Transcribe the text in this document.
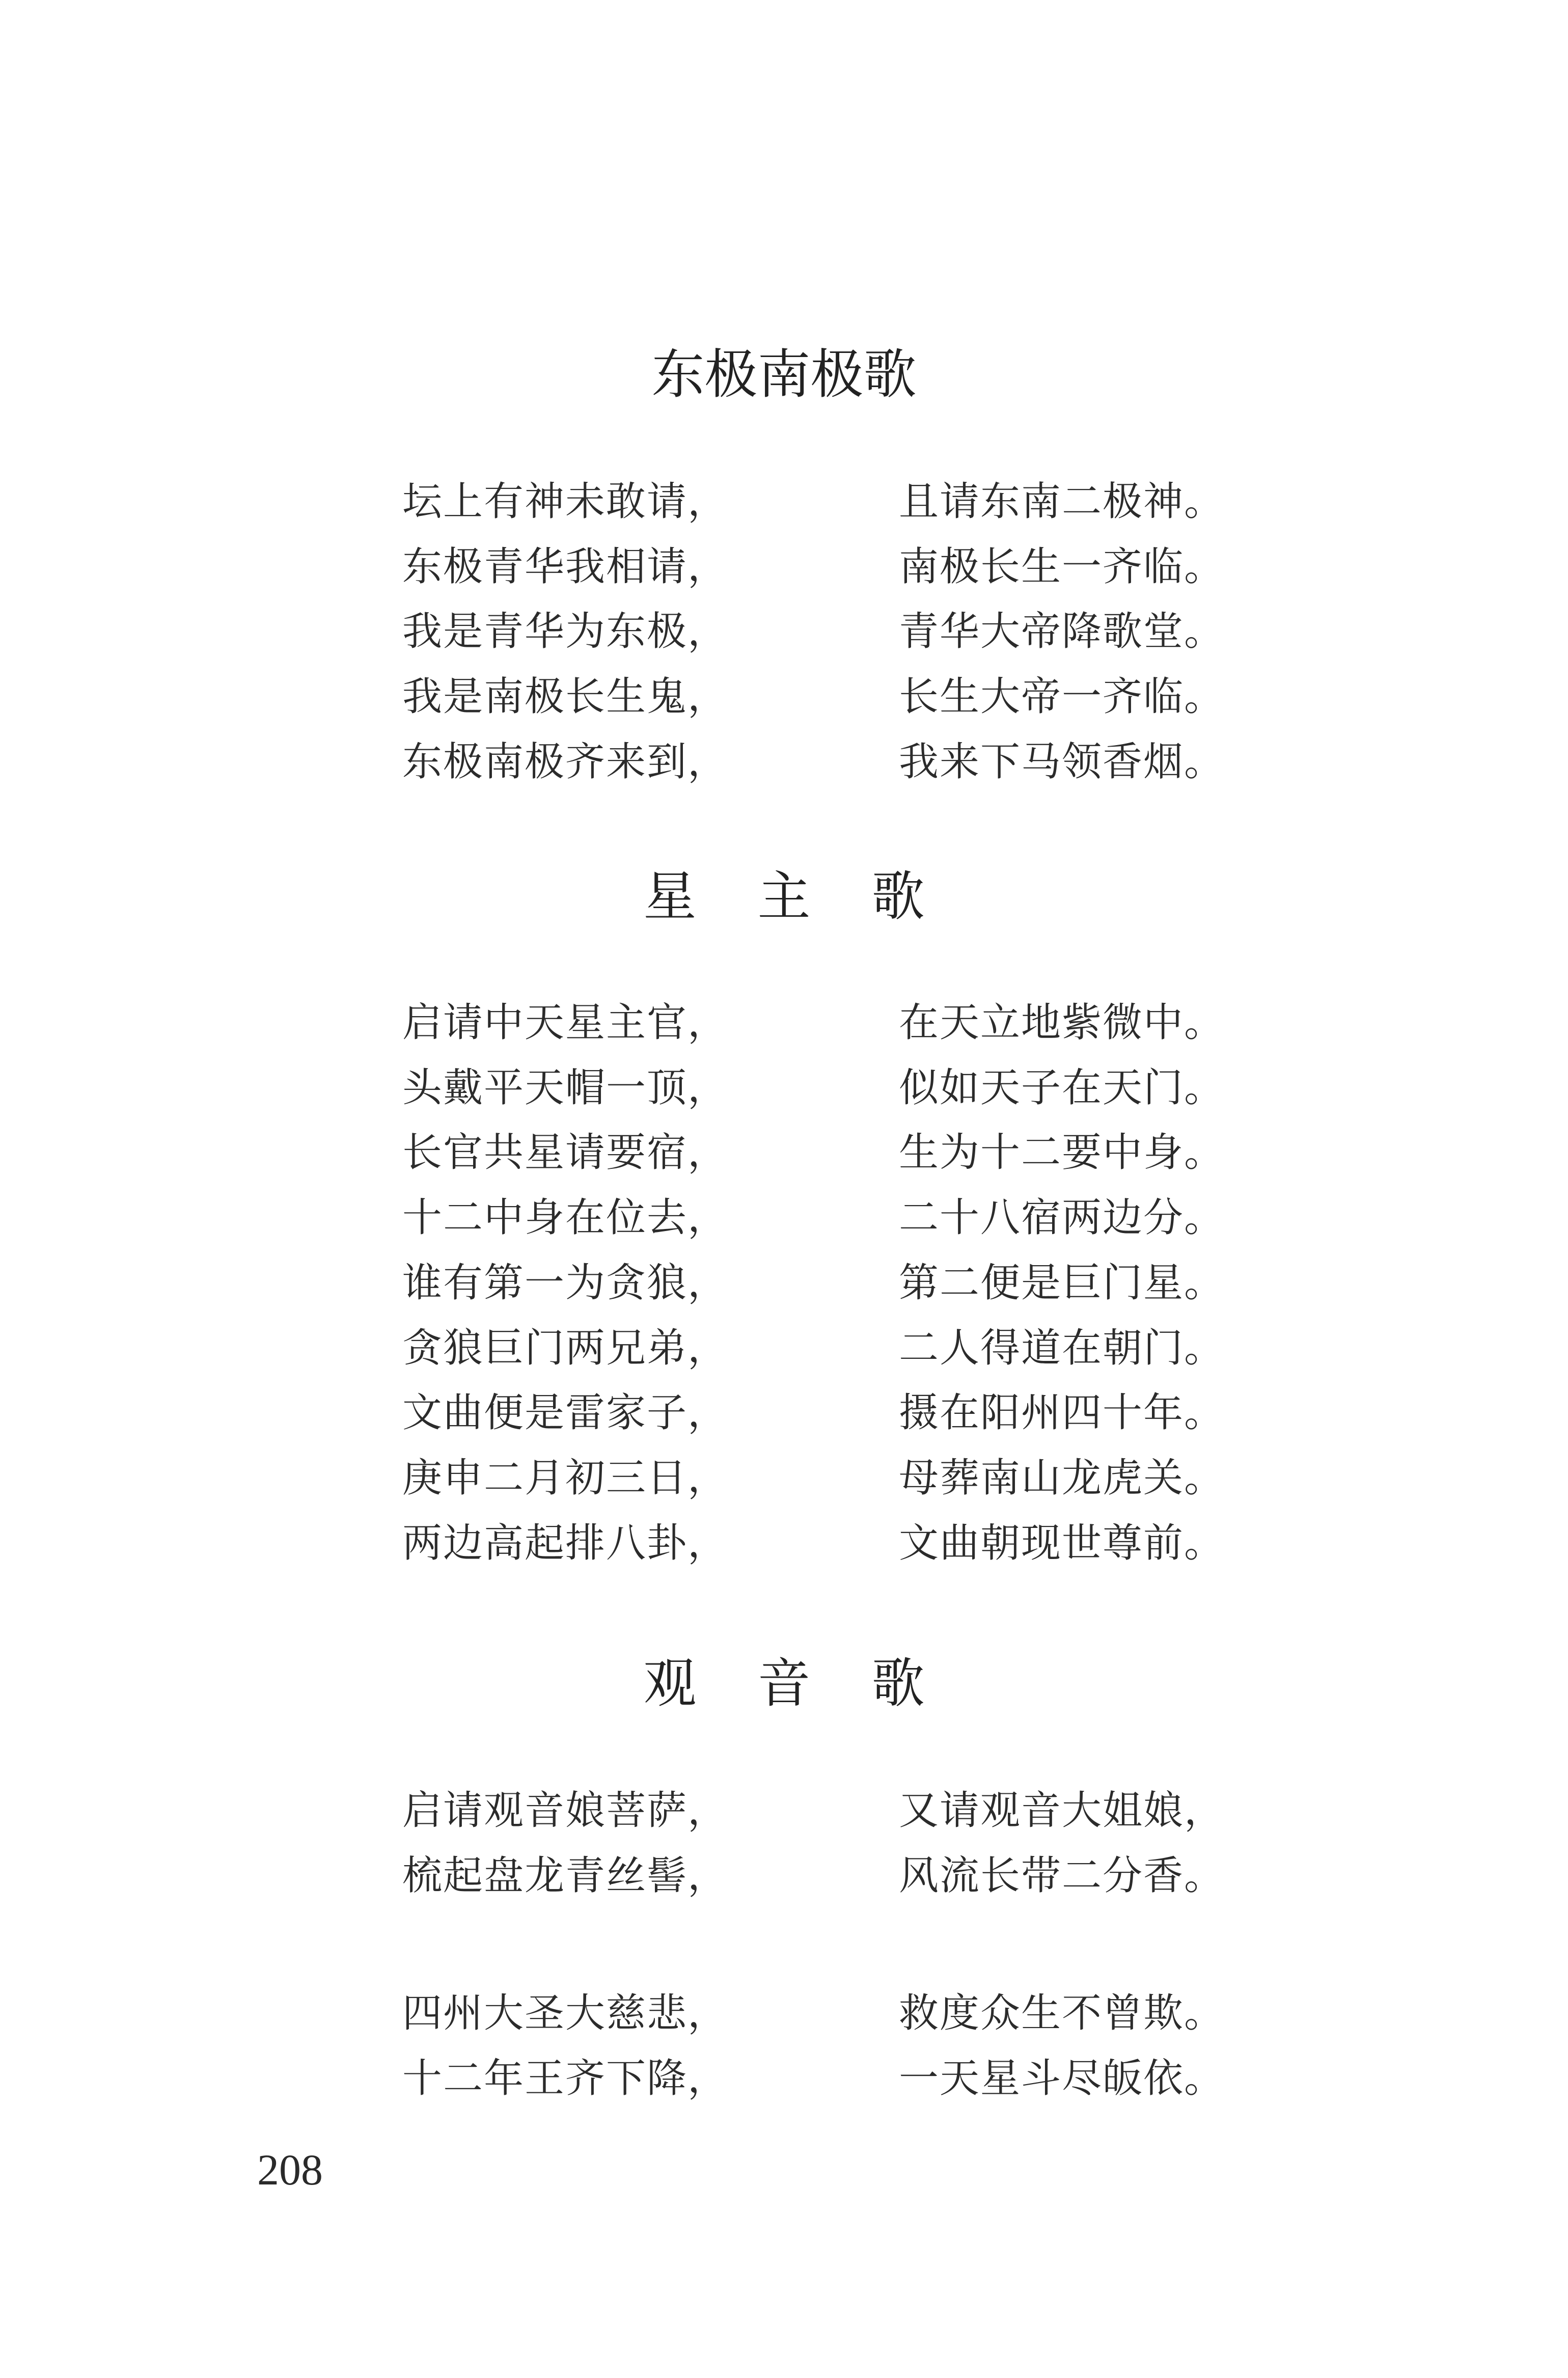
东极南极歌
坛上有神未敢请，	且请东南二极神。
东极青华我相请，	南极长生一齐临。
我是青华为东极，	青华大帝降歌堂。
我是南极长生鬼，	长生大帝一齐临。
东极南极齐来到，	我来下马领香烟。
星主歌
启请中天星主官，	在天立地紫微中。
头戴平天帽一顶，	似如天子在天门。
长官共星请要宿，	生为十二要中身。
十二中身在位去，	二十八宿两边分。
谁有第一为贪狼，	第二便是巨门星。
贪狼巨门两兄弟，	二人得道在朝门。
文曲便是雷家子，	摄在阳州四十年。
庚申二月初三日，	母葬南山龙虎关。
两边高起排八卦，	文曲朝现世尊前。
观音歌
启请观音娘菩萨，	又请观音大姐娘，
梳起盘龙青丝髻，	风流长带二分香。
四州大圣大慈悲，	救度众生不曾欺。
十二年王齐下降，	一天星斗尽皈依。
208
